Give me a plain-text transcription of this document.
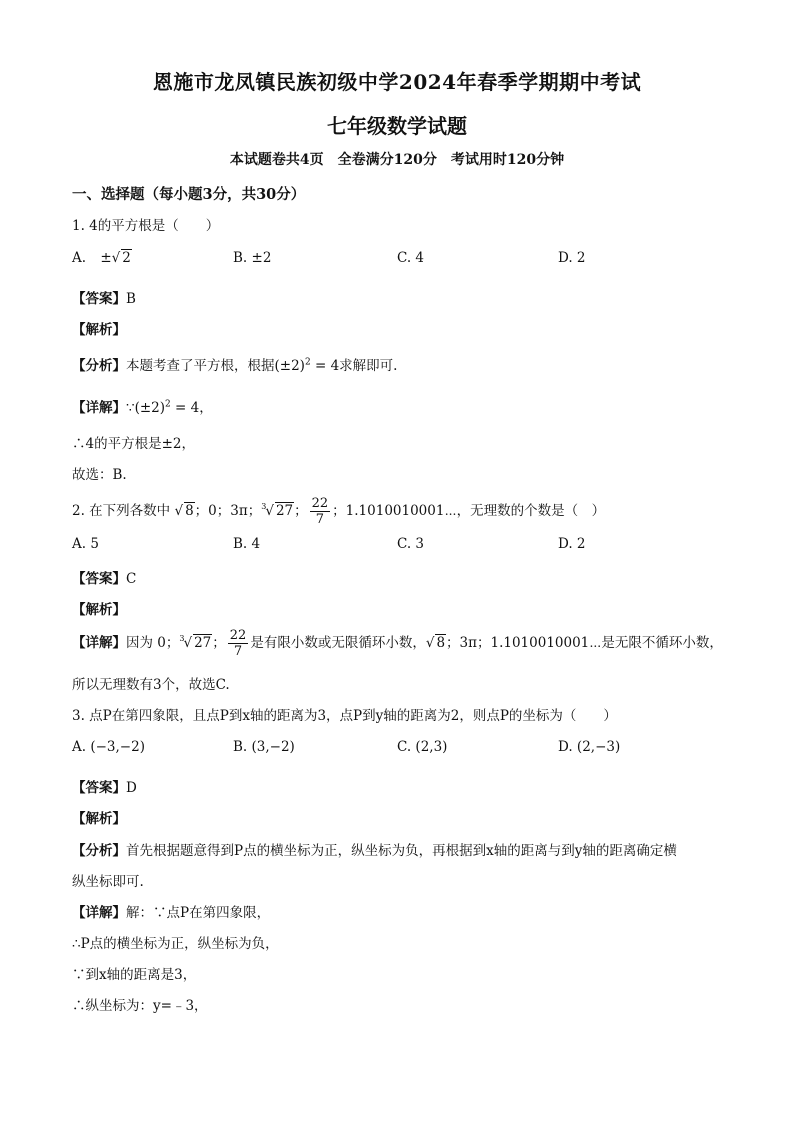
恩施市龙凤镇民族初级中学2024年春季学期期中考试
七年级数学试题
本试题卷共4页　全卷满分120分　考试用时120分钟
一、选择题（每小题3分，共30分）
1. 4的平方根是（　　）
A. ±√ 2	B. ±2	C. 4	D. 2
【答案】B
【解析】
【分析】本题考查了平方根，根据$(\pm 2)^2 = 4$求解即可.
【详解】$\because(\pm 2)^2 = 4$，
∴4的平方根是±2，
故选：B.
2. 在下列各数中 √ 8；0；3π；$^3$√ 27； $\frac{22}{7}$ ；1.1010010001⋯，无理数的个数是（　）
A. 5	B. 4	C. 3	D. 2
【答案】C
【解析】
【详解】因为 0；$^3$√ 27； $\frac{22}{7}$ 是有限小数或无限循环小数，√ 8；3π；1.1010010001⋯是无限不循环小数，
所以无理数有3个，故选C.
3. 点P在第四象限，且点P到x轴的距离为3，点P到y轴的距离为2，则点P的坐标为（　　）
A. (−3,−2)	B. (3,−2)	C. (2,3)	D. (2,−3)
【答案】D
【解析】
【分析】首先根据题意得到P点的横坐标为正，纵坐标为负，再根据到x轴的距离与到y轴的距离确定横
纵坐标即可.
【详解】解：∵点P在第四象限，
∴P点的横坐标为正，纵坐标为负，
∵到x轴的距离是3，
∴纵坐标为：y=﹣3，
